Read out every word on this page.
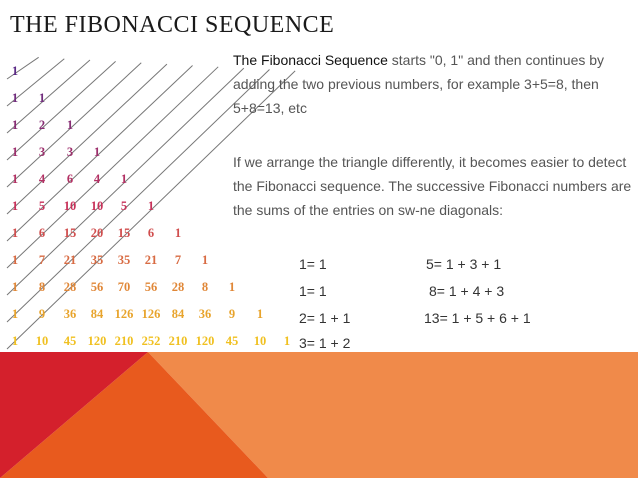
THE FIBONACCI SEQUENCE
1
1 1
1 2 1
1 3 3 1
1 4 6 4 1
1 5 10 10 5 1
1 6 15 20 15 6 1
1 7 21 35 35 21 7 1
1 8 28 56 70 56 28 8 1
1 9 36 84 126 126 84 36 9 1
1 10 45 120 210 252 210 120 45 10 1
The Fibonacci Sequence starts "0, 1" and then continues by adding the two previous numbers, for example 3+5=8, then 5+8=13, etc
If we arrange the triangle differently, it becomes easier to detect the Fibonacci sequence. The successive Fibonacci numbers are the sums of the entries on sw-ne diagonals:
1= 1
1= 1
2= 1 + 1
3= 1 + 2
5= 1 + 3 + 1
8= 1 + 4 + 3
13= 1 + 5 + 6 + 1
